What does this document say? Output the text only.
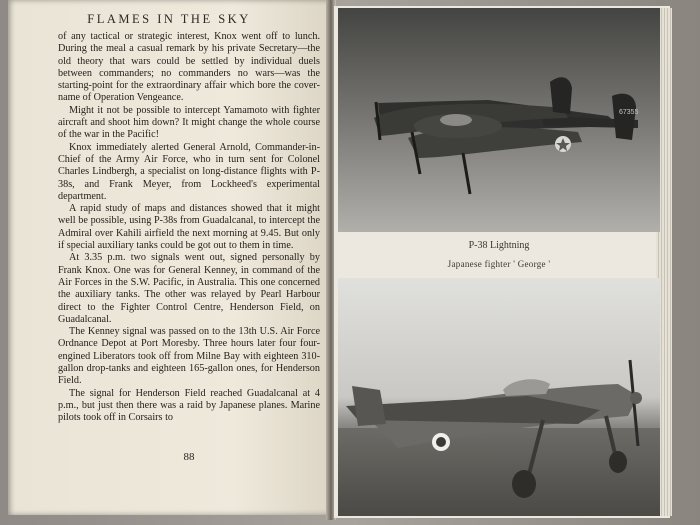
FLAMES IN THE SKY

of any tactical or strategic interest, Knox went off to lunch. During the meal a casual remark by his private Secretary—the old theory that wars could be settled by individual duels between commanders; no commanders no wars—was the starting-point for the extraordinary affair which bore the cover-name of Operation Vengeance.

Might it not be possible to intercept Yamamoto with fighter aircraft and shoot him down? It might change the whole course of the war in the Pacific!

Knox immediately alerted General Arnold, Commander-in-Chief of the Army Air Force, who in turn sent for Colonel Charles Lindbergh, a specialist on long-distance flights with P-38s, and Frank Meyer, from Lockheed's experimental department.

A rapid study of maps and distances showed that it might well be possible, using P-38s from Guadalcanal, to intercept the Admiral over Kahili airfield the next morning at 9.45. But only if special auxiliary tanks could be got out to them in time.

At 3.35 p.m. two signals went out, signed personally by Frank Knox. One was for General Kenney, in command of the Air Forces in the S.W. Pacific, in Australia. This one concerned the auxiliary tanks. The other was relayed by Pearl Harbour direct to the Fighter Control Centre, Henderson Field, on Guadalcanal.

The Kenney signal was passed on to the 13th U.S. Air Force Ordnance Depot at Port Moresby. Three hours later four four-engined Liberators took off from Milne Bay with eighteen 310-gallon drop-tanks and eighteen 165-gallon ones, for Henderson Field.

The signal for Henderson Field reached Guadalcanal at 4 p.m., but just then there was a raid by Japanese planes. Marine pilots took off in Corsairs to

88
67355
P-38 Lightning
Japanese fighter ' George '
